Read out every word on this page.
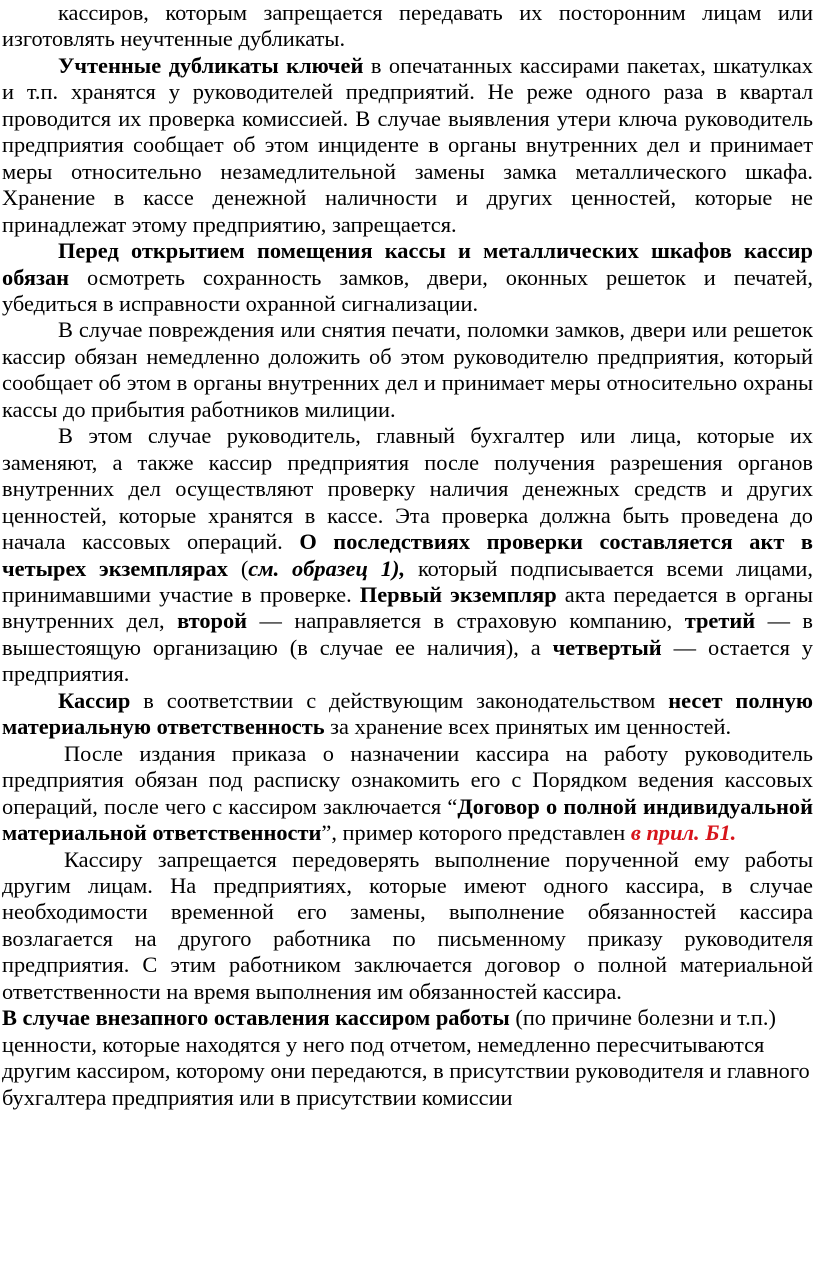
кассиров, которым запрещается передавать их посторонним лицам или изготовлять неучтенные дубликаты.

Учтенные дубликаты ключей в опечатанных кассирами пакетах, шкатулках и т.п. хранятся у руководителей предприятий. Не реже одного раза в квартал проводится их проверка комиссией. В случае выявления утери ключа руководитель предприятия сообщает об этом инциденте в органы внутренних дел и принимает меры относительно незамедлительной замены замка металлического шкафа. Хранение в кассе денежной наличности и других ценностей, которые не принадлежат этому предприятию, запрещается.

Перед открытием помещения кассы и металлических шкафов кассир обязан осмотреть сохранность замков, двери, оконных решеток и печатей, убедиться в исправности охранной сигнализации.

В случае повреждения или снятия печати, поломки замков, двери или решеток кассир обязан немедленно доложить об этом руководителю предприятия, который сообщает об этом в органы внутренних дел и принимает меры относительно охраны кассы до прибытия работников милиции.

В этом случае руководитель, главный бухгалтер или лица, которые их заменяют, а также кассир предприятия после получения разрешения органов внутренних дел осуществляют проверку наличия денежных средств и других ценностей, которые хранятся в кассе. Эта проверка должна быть проведена до начала кассовых операций. О последствиях проверки составляется акт в четырех экземплярах (см. образец 1), который подписывается всеми лицами, принимавшими участие в проверке. Первый экземпляр акта передается в органы внутренних дел, второй — направляется в страховую компанию, третий — в вышестоящую организацию (в случае ее наличия), а четвертый — остается у предприятия.

Кассир в соответствии с действующим законодательством несет полную материальную ответственность за хранение всех принятых им ценностей.

После издания приказа о назначении кассира на работу руководитель предприятия обязан под расписку ознакомить его с Порядком ведения кассовых операций, после чего с кассиром заключается “Договор о полной индивидуальной материальной ответственности”, пример которого представлен в прил. Б1.

Кассиру запрещается передоверять выполнение порученной ему работы другим лицам. На предприятиях, которые имеют одного кассира, в случае необходимости временной его замены, выполнение обязанностей кассира возлагается на другого работника по письменному приказу руководителя предприятия. С этим работником заключается договор о полной материальной ответственности на время выполнения им обязанностей кассира.

В случае внезапного оставления кассиром работы (по причине болезни и т.п.) ценности, которые находятся у него под отчетом, немедленно пересчитываются другим кассиром, которому они передаются, в присутствии руководителя и главного бухгалтера предприятия или в присутствии комиссии
